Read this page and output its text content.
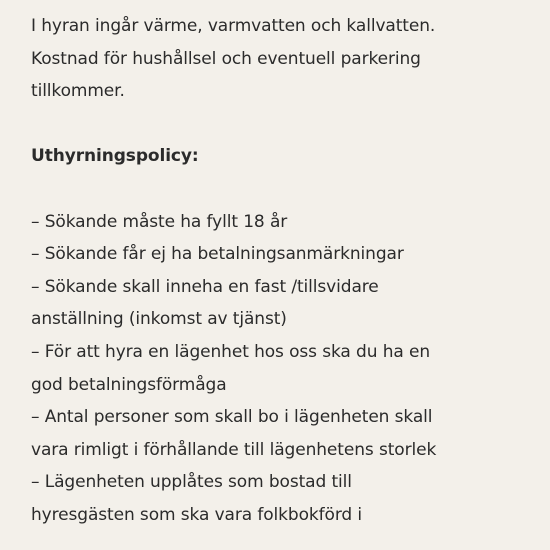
I hyran ingår värme, varmvatten och kallvatten.
Kostnad för hushållsel och eventuell parkering
tillkommer.
Uthyrningspolicy:
– Sökande måste ha fyllt 18 år
– Sökande får ej ha betalningsanmärkningar
– Sökande skall inneha en fast /tillsvidare
anställning (inkomst av tjänst)
– För att hyra en lägenhet hos oss ska du ha en
god betalningsförmåga
– Antal personer som skall bo i lägenheten skall
vara rimligt i förhållande till lägenhetens storlek
– Lägenheten upplåtes som bostad till
hyresgästen som ska vara folkbokförd i
